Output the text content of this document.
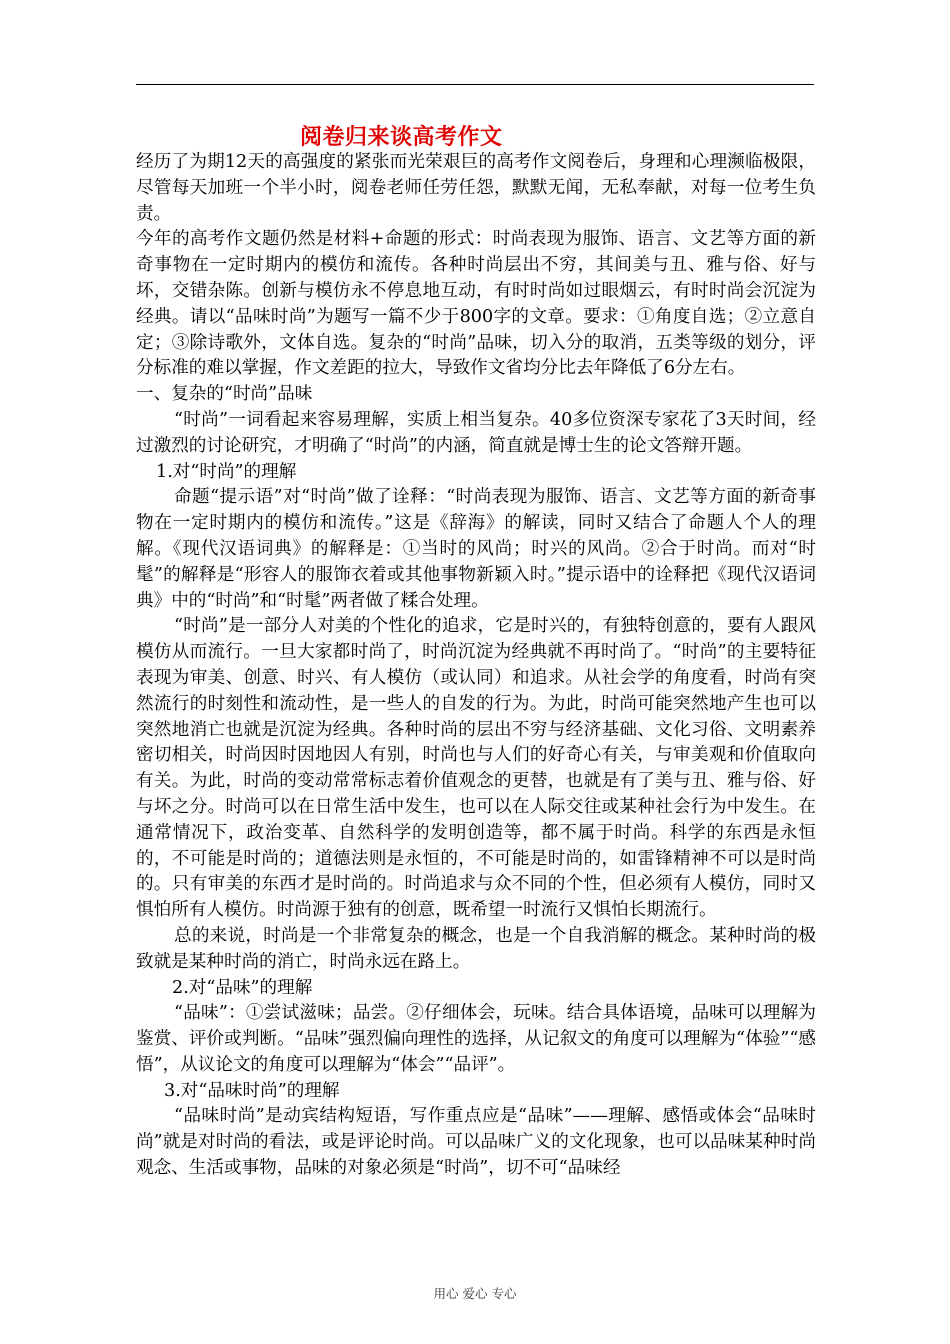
阅卷归来谈高考作文

经历了为期12天的高强度的紧张而光荣艰巨的高考作文阅卷后，身理和心理濒临极限，尽管每天加班一个半小时，阅卷老师任劳任怨，默默无闻，无私奉献，对每一位考生负责。

今年的高考作文题仍然是材料+命题的形式：时尚表现为服饰、语言、文艺等方面的新奇事物在一定时期内的模仿和流传。各种时尚层出不穷，其间美与丑、雅与俗、好与坏，交错杂陈。创新与模仿永不停息地互动，有时时尚如过眼烟云，有时时尚会沉淀为经典。请以“品味时尚”为题写一篇不少于800字的文章。要求：①角度自选；②立意自定；③除诗歌外，文体自选。复杂的“时尚”品味，切入分的取消，五类等级的划分，评分标准的难以掌握，作文差距的拉大，导致作文省均分比去年降低了6分左右。

一、复杂的“时尚”品味

“时尚”一词看起来容易理解，实质上相当复杂。40多位资深专家花了3天时间，经过激烈的讨论研究，才明确了“时尚”的内涵，简直就是博士生的论文答辩开题。

1.对“时尚”的理解

命题“提示语”对“时尚”做了诠释：“时尚表现为服饰、语言、文艺等方面的新奇事物在一定时期内的模仿和流传。”这是《辞海》的解读，同时又结合了命题人个人的理解。《现代汉语词典》的解释是：①当时的风尚；时兴的风尚。②合于时尚。而对“时髦”的解释是“形容人的服饰衣着或其他事物新颖入时。”提示语中的诠释把《现代汉语词典》中的“时尚”和“时髦”两者做了糅合处理。

“时尚”是一部分人对美的个性化的追求，它是时兴的，有独特创意的，要有人跟风模仿从而流行。一旦大家都时尚了，时尚沉淀为经典就不再时尚了。“时尚”的主要特征表现为审美、创意、时兴、有人模仿（或认同）和追求。从社会学的角度看，时尚有突然流行的时刻性和流动性，是一些人的自发的行为。为此，时尚可能突然地产生也可以突然地消亡也就是沉淀为经典。各种时尚的层出不穷与经济基础、文化习俗、文明素养密切相关，时尚因时因地因人有别，时尚也与人们的好奇心有关，与审美观和价值取向有关。为此，时尚的变动常常标志着价值观念的更替，也就是有了美与丑、雅与俗、好与坏之分。时尚可以在日常生活中发生，也可以在人际交往或某种社会行为中发生。在通常情况下，政治变革、自然科学的发明创造等，都不属于时尚。科学的东西是永恒的，不可能是时尚的；道德法则是永恒的，不可能是时尚的，如雷锋精神不可以是时尚的。只有审美的东西才是时尚的。时尚追求与众不同的个性，但必须有人模仿，同时又惧怕所有人模仿。时尚源于独有的创意，既希望一时流行又惧怕长期流行。

总的来说，时尚是一个非常复杂的概念，也是一个自我消解的概念。某种时尚的极致就是某种时尚的消亡，时尚永远在路上。

2.对“品味”的理解

“品味”：①尝试滋味；品尝。②仔细体会，玩味。结合具体语境，品味可以理解为鉴赏、评价或判断。“品味”强烈偏向理性的选择，从记叙文的角度可以理解为“体验”“感悟”，从议论文的角度可以理解为“体会”“品评”。

3.对“品味时尚”的理解

“品味时尚”是动宾结构短语，写作重点应是“品味”——理解、感悟或体会“品味时尚”就是对时尚的看法，或是评论时尚。可以品味广义的文化现象，也可以品味某种时尚观念、生活或事物，品味的对象必须是“时尚”，切不可“品味经

用心 爱心 专心
